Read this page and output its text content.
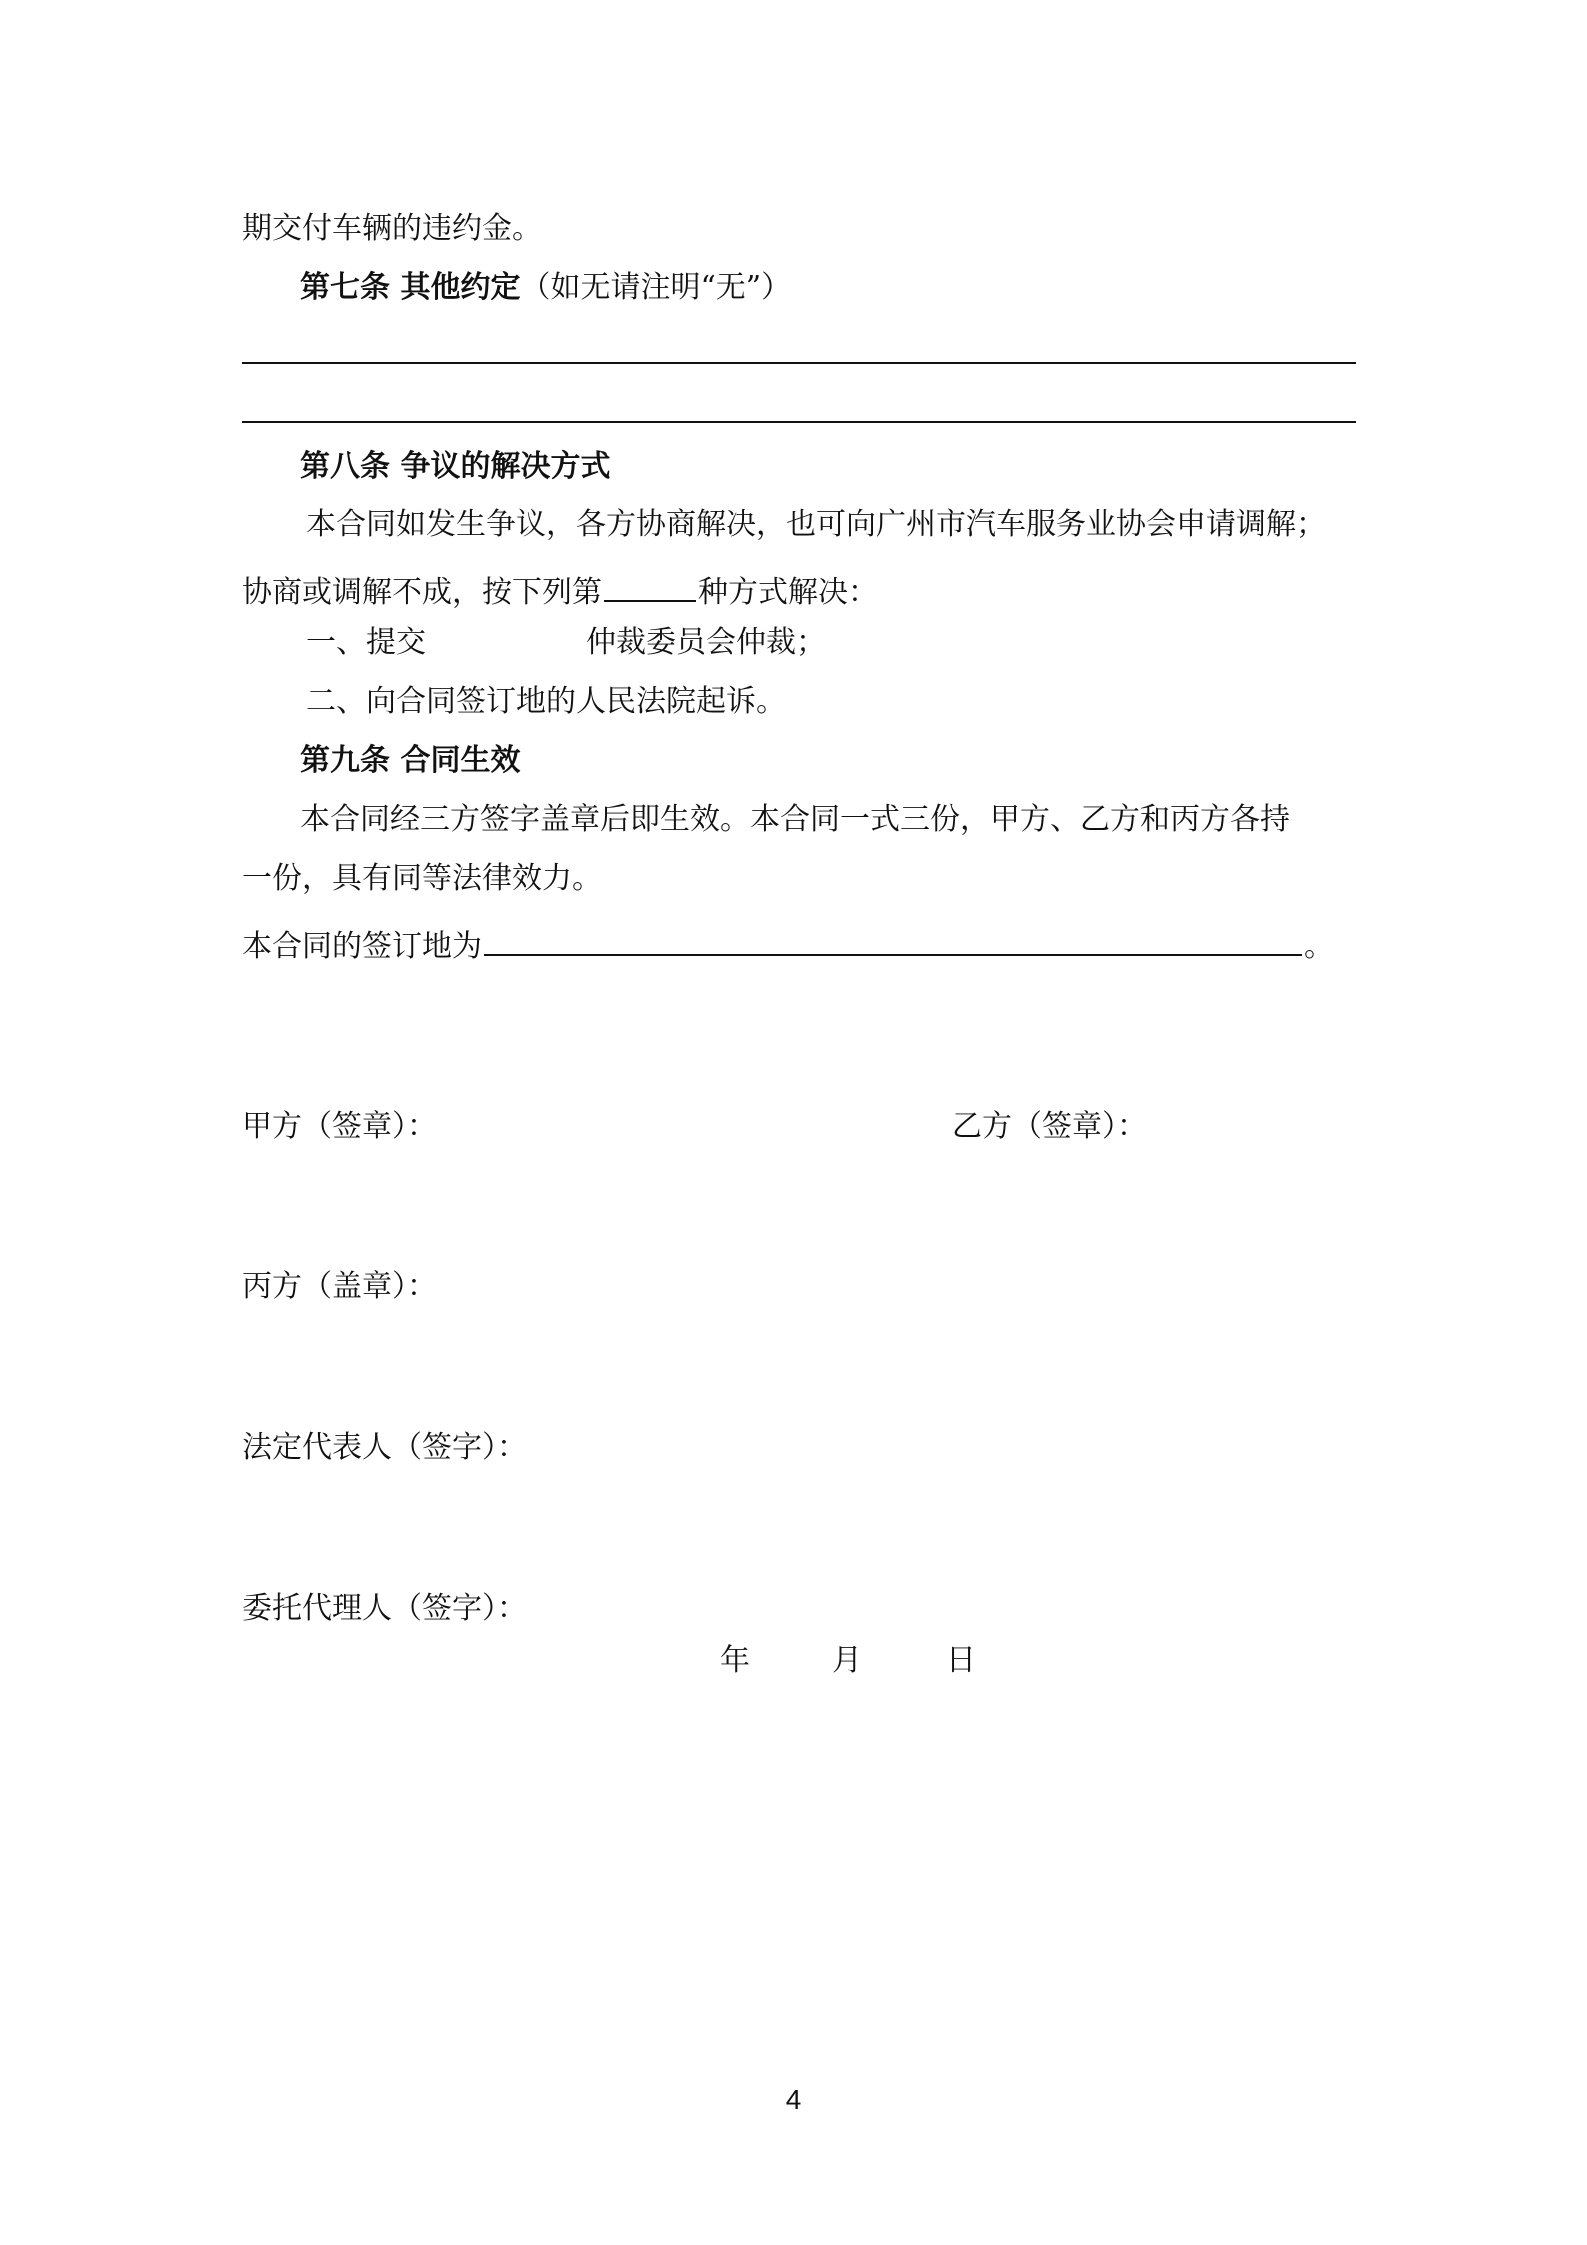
期交付车辆的违约金。
第七条 其他约定（如无请注明“无”）
第八条 争议的解决方式
本合同如发生争议，各方协商解决，也可向广州市汽车服务业协会申请调解；
协商或调解不成，按下列第	种方式解决：
一、提交	仲裁委员会仲裁；
二、向合同签订地的人民法院起诉。
第九条 合同生效
本合同经三方签字盖章后即生效。本合同一式三份，甲方、乙方和丙方各持
一份，具有同等法律效力。
本合同的签订地为	。
甲方（签章）：	乙方（签章）：
丙方（盖章）：
法定代表人（签字）：
委托代理人（签字）：
年	月	日
4
